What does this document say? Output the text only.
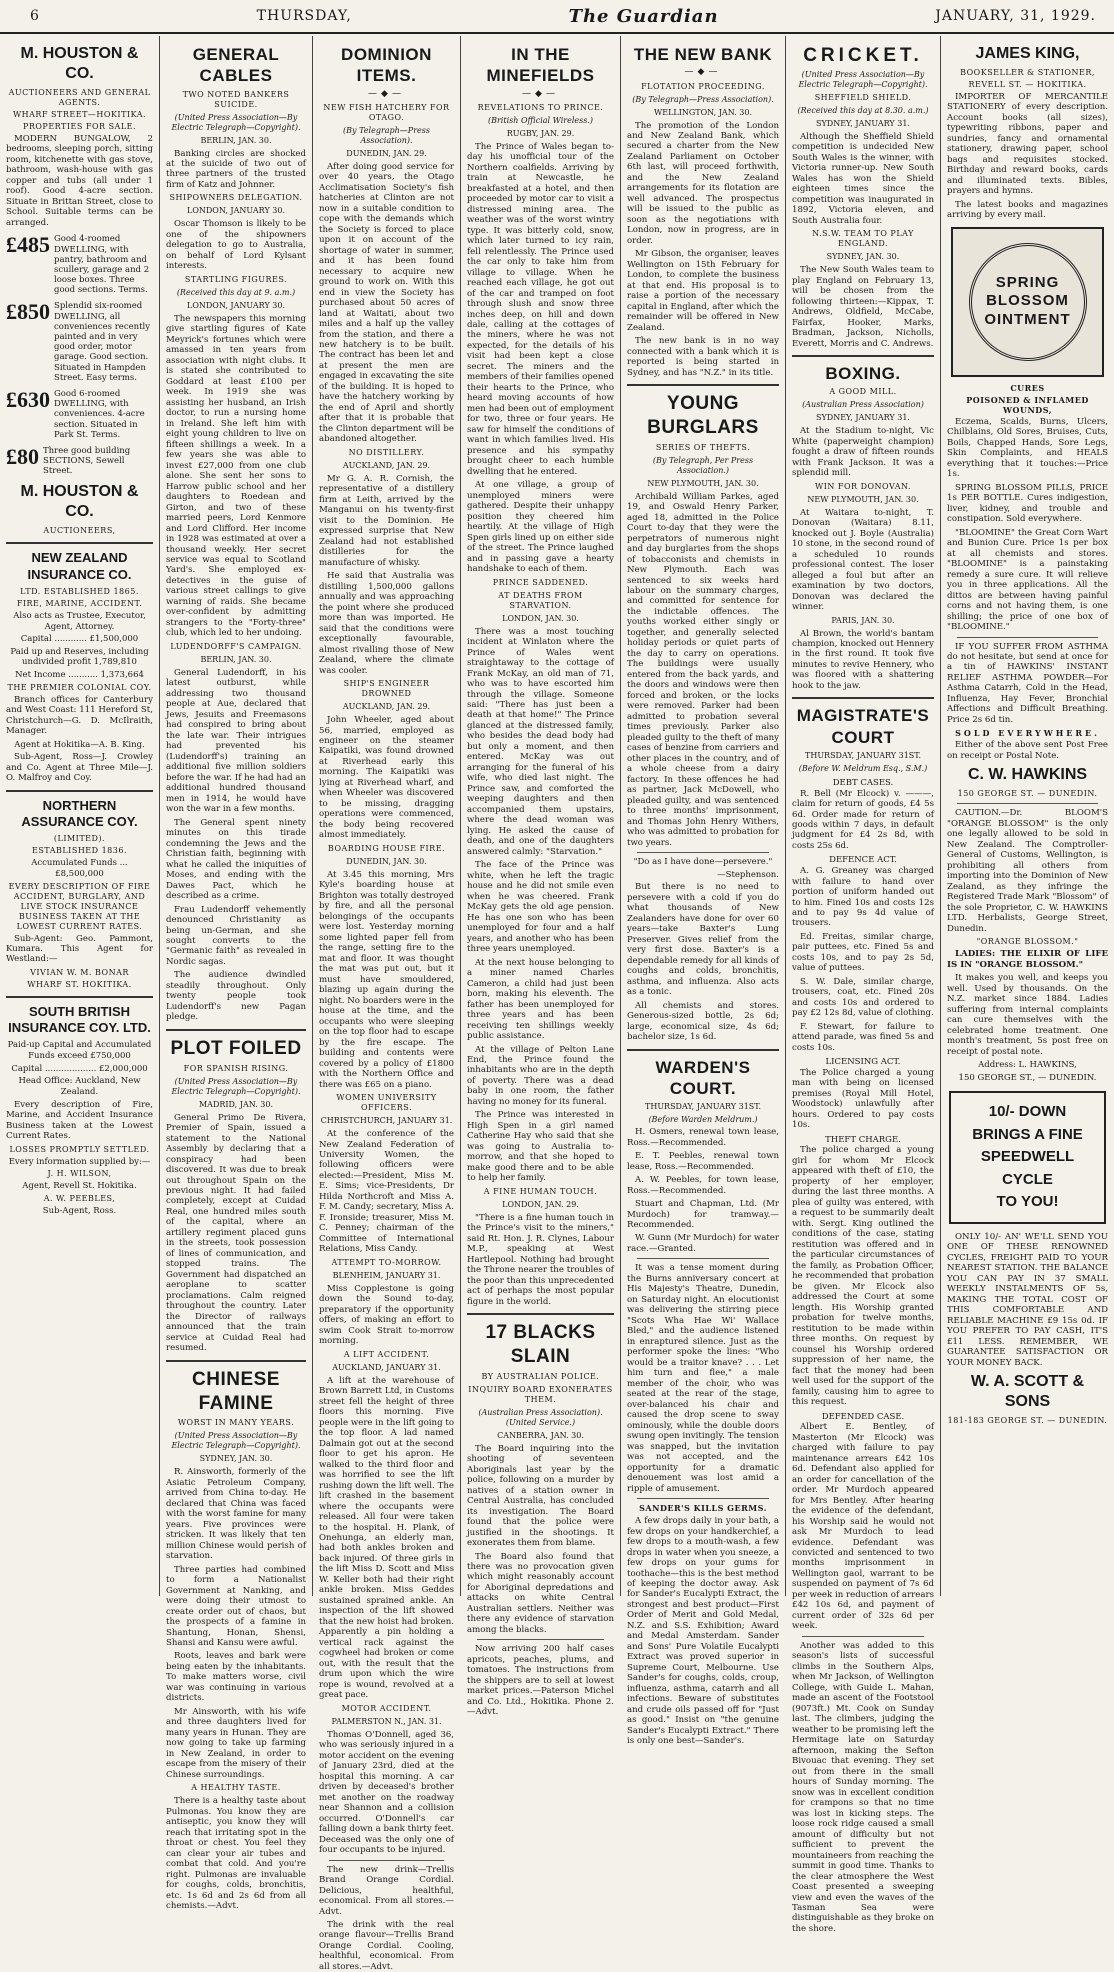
6	THURSDAY,	The Guardian	JANUARY, 31, 1929.
M. HOUSTON & CO.
AUCTIONEERS AND GENERAL AGENTS.
WHARF STREET—HOKITIKA.
PROPERTIES FOR SALE.

MODERN BUNGALOW, 2 bedrooms, sleeping porch, sitting room, kitchenette with gas stove, bathroom, wash-house with gas copper and tubs (all under 1 roof). Good 4-acre section. Situate in Brittan Street, close to School. Suitable terms can be arranged.

£485 Good 4-roomed DWELLING, with pantry, bathroom and scullery, garage and 2 loose boxes. Three good sections. Terms.
£850 Splendid six-roomed DWELLING, all conveniences recently painted and in very good order, motor garage. Good section. Situated in Hampden Street. Easy terms.
£630 Good 6-roomed DWELLING, with conveniences. 4-acre section. Situated in Park St. Terms.
£80 Three good building SECTIONS, Sewell Street.
M. HOUSTON & CO.
AUCTIONEERS,
NEW ZEALAND INSURANCE CO.
LTD. ESTABLISHED 1865.
FIRE, MARINE, ACCIDENT.
Also acts as Trustee, Executor, Agent, Attorney.
Capital ............ £1,500,000
Paid up and Reserves, including undivided profit 1,789,810
Net Income ........... 1,373,664
THE PREMIER COLONIAL COY.

Branch offices for Canterbury and West Coast: 111 Hereford St, Christchurch—G. D. McIlraith, Manager.

Agent at Hokitika—A. B. King.

Sub-Agent, Ross—J. Crowley and Co. Agent at Three Mile—J. O. Malfroy and Coy.

NORTHERN ASSURANCE COY.
(LIMITED).
ESTABLISHED 1836.
Accumulated Funds ... £8,500,000
EVERY DESCRIPTION OF FIRE ACCIDENT, BURGLARY, AND LIVE STOCK INSURANCE BUSINESS TAKEN AT THE LOWEST CURRENT RATES.

Sub-Agent: Geo. Pammont, Kumara. This Agent for Westland:—

VIVIAN W. M. BONAR
WHARF ST. HOKITIKA.
SOUTH BRITISH INSURANCE COY. LTD.
Paid-up Capital and Accumulated Funds exceed £750,000
Capital ................... £2,000,000
Head Office: Auckland, New Zealand.

Every description of Fire, Marine, and Accident Insurance Business taken at the Lowest Current Rates.

LOSSES PROMPTLY SETTLED.
Every information supplied by:—
J. H. WILSON,
Agent, Revell St. Hokitika.
A. W. PEEBLES,
Sub-Agent, Ross.
GENERAL CABLES
TWO NOTED BANKERS SUICIDE.
(United Press Association—By Electric Telegraph—Copyright).
BERLIN, JAN. 30.

Banking circles are shocked at the suicide of two out of three partners of the trusted firm of Katz and Johnner.

SHIPOWNERS DELEGATION.
LONDON, JANUARY 30.

Oscar Thomson is likely to be one of the shipowners delegation to go to Australia, on behalf of Lord Kylsant interests.

STARTLING FIGURES.
(Received this day at 9. a.m.)
LONDON, JANUARY 30.

The newspapers this morning give startling figures of Kate Meyrick's fortunes which were amassed in ten years from association with night clubs. It is stated she contributed to Goddard at least £100 per week. In 1919 she was assisting her husband, an Irish doctor, to run a nursing home in Ireland. She left him with eight young children to live on fifteen shillings a week. In a few years she was able to invest £27,000 from one club alone. She sent her sons to Harrow public school and her daughters to Roedean and Girton, and two of these married peers, Lord Kenmore and Lord Clifford. Her income in 1928 was estimated at over a thousand weekly. Her secret service was equal to Scotland Yard's. She employed ex-detectives in the guise of various street callings to give warning of raids. She became over-confident by admitting strangers to the "Forty-three" club, which led to her undoing.

LUDENDORFF'S CAMPAIGN.
BERLIN, JAN. 30.

General Ludendorff, in his latest outburst, while addressing two thousand people at Aue, declared that Jews, Jesuits and Freemasons had conspired to bring about the late war. Their intrigues had prevented his (Ludendorff's) training an additional five million soldiers before the war. If he had had an additional hundred thousand men in 1914, he would have won the war in a few months.

The General spent ninety minutes on this tirade condemning the Jews and the Christian faith, beginning with what he called the iniquities of Moses, and ending with the Dawes Pact, which he described as a crime.

Frau Ludendorff vehemently denounced Christianity as being un-German, and she sought converts to the "Germanic faith" as revealed in Nordic sagas.

The audience dwindled steadily throughout. Only twenty people took Ludendorff's new Pagan pledge.

PLOT FOILED
FOR SPANISH RISING.
(United Press Association—By Electric Telegraph—Copyright).
MADRID, JAN. 30.

General Primo De Rivera, Premier of Spain, issued a statement to the National Assembly by declaring that a conspiracy had been discovered. It was due to break out throughout Spain on the previous night. It had failed completely, except at Cuidad Real, one hundred miles south of the capital, where an artillery regiment placed guns in the streets, took possession of lines of communication, and stopped trains. The Government had dispatched an aeroplane to scatter proclamations. Calm reigned throughout the country. Later the Director of railways announced that the train service at Cuidad Real had resumed.

CHINESE FAMINE
WORST IN MANY YEARS.
(United Press Association—By Electric Telegraph—Copyright).
SYDNEY, JAN. 30.

R. Ainsworth, formerly of the Asiatic Petroleum Company, arrived from China to-day. He declared that China was faced with the worst famine for many years. Five provinces were stricken. It was likely that ten million Chinese would perish of starvation.

Three parties had combined to form a Nationalist Government at Nanking, and were doing their utmost to create order out of chaos, but the prospects of a famine in Shantung, Honan, Shensi, Shansi and Kansu were awful.

Roots, leaves and bark were being eaten by the inhabitants. To make matters worse, civil war was continuing in various districts.

Mr Ainsworth, with his wife and three daughters lived for many years in Hunan. They are now going to take up farming in New Zealand, in order to escape from the misery of their Chinese surroundings.

A HEALTHY TASTE.

There is a healthy taste about Pulmonas. You know they are antiseptic, you know they will reach that irritating spot in the throat or chest. You feel they can clear your air tubes and combat that cold. And you're right. Pulmonas are invaluable for coughs, colds, bronchitis, etc. 1s 6d and 2s 6d from all chemists.—Advt.

DOMINION ITEMS.
—◆—
NEW FISH HATCHERY FOR OTAGO.
(By Telegraph—Press Association).
DUNEDIN, JAN. 29.

After doing good service for over 40 years, the Otago Acclimatisation Society's fish hatcheries at Clinton are not now in a suitable condition to cope with the demands which the Society is forced to place upon it on account of the shortage of water in summer, and it has been found necessary to acquire new ground to work on. With this end in view the Society has purchased about 50 acres of land at Waitati, about two miles and a half up the valley from the station, and there a new hatchery is to be built. The contract has been let and at present the men are engaged in excavating the site of the building. It is hoped to have the hatchery working by the end of April and shortly after that it is probable that the Clinton department will be abandoned altogether.

NO DISTILLERY.
AUCKLAND, JAN. 29.

Mr G. A. R. Cornish, the representative of a distillery firm at Leith, arrived by the Manganui on his twenty-first visit to the Dominion. He expressed surprise that New Zealand had not established distilleries for the manufacture of whisky.

He said that Australia was distilling 1,500,000 gallons annually and was approaching the point where she produced more than was imported. He said that the conditions were exceptionally favourable, almost rivalling those of New Zealand, where the climate was cooler.

SHIP'S ENGINEER DROWNED
AUCKLAND, JAN. 29.

John Wheeler, aged about 56, married, employed as engineer on the steamer Kaipatiki, was found drowned at Riverhead early this morning. The Kaipatiki was lying at Riverhead wharf, and when Wheeler was discovered to be missing, dragging operations were commenced, the body being recovered almost immediately.

BOARDING HOUSE FIRE.
DUNEDIN, JAN. 30.

At 3.45 this morning, Mrs Kyle's boarding house at Brighton was totally destroyed by fire, and all the personal belongings of the occupants were lost. Yesterday morning some lighted paper fell from the range, setting fire to the mat and floor. It was thought the mat was put out, but it must have smouldered, blazing up again during the night. No boarders were in the house at the time, and the occupants who were sleeping on the top floor had to escape by the fire escape. The building and contents were covered by a policy of £1800 with the Northern Office and there was £65 on a piano.

WOMEN UNIVERSITY OFFICERS.
CHRISTCHURCH, JANUARY 31.

At the conference of the New Zealand Federation of University Women, the following officers were elected:—President, Miss M. E. Sims; vice-Presidents, Dr Hilda Northcroft and Miss A. F. M. Candy; secretary, Miss A. F. Ironside; treasurer, Miss M. C. Penney; chairman of the Committee of International Relations, Miss Candy.

ATTEMPT TO-MORROW.
BLENHEIM, JANUARY 31.

Miss Copplestone is going down the Sound to-day, preparatory if the opportunity offers, of making an effort to swim Cook Strait to-morrow morning.

A LIFT ACCIDENT.
AUCKLAND, JANUARY 31.

A lift at the warehouse of Brown Barrett Ltd, in Customs street fell the height of three floors this morning. Five people were in the lift going to the top floor. A lad named Dalmain got out at the second floor to get his apron. He walked to the third floor and was horrified to see the lift rushing down the lift well. The lift crashed in the basement where the occupants were released. All four were taken to the hospital. H. Plank, of Onehunga, an elderly man, had both ankles broken and back injured. Of three girls in the lift Miss D. Scott and Miss W. Keller both had their right ankle broken. Miss Geddes sustained sprained ankle. An inspection of the lift showed that the new hoist had broken. Apparently a pin holding a vertical rack against the cogwheel had broken or come out, with the result that the drum upon which the wire rope is wound, revolved at a great pace.

MOTOR ACCIDENT.
PALMERSTON N., JAN. 31.

Thomas O'Donnell, aged 36, who was seriously injured in a motor accident on the evening of January 23rd, died at the hospital this morning. A car driven by deceased's brother met another on the roadway near Shannon and a collision occurred. O'Donnell's car falling down a bank thirty feet. Deceased was the only one of four occupants to be injured.

The new drink—Trellis Brand Orange Cordial. Delicious, healthful, economical. From all stores.—Advt.

The drink with the real orange flavour—Trellis Brand Orange Cordial. Cooling, healthful, economical. From all stores.—Advt.

IN THE MINEFIELDS
—◆—
REVELATIONS TO PRINCE.
(British Official Wireless.)
RUGBY, JAN. 29.

The Prince of Wales began to-day his unofficial tour of the Northern coalfields. Arriving by train at Newcastle, he breakfasted at a hotel, and then proceeded by motor car to visit a distressed mining area. The weather was of the worst wintry type. It was bitterly cold, snow, which later turned to icy rain, fell relentlessly. The Prince used the car only to take him from village to village. When he reached each village, he got out of the car and tramped on foot through slush and snow three inches deep, on hill and down dale, calling at the cottages of the miners, where he was not expected, for the details of his visit had been kept a close secret. The miners and the members of their families opened their hearts to the Prince, who heard moving accounts of how men had been out of employment for two, three or four years. He saw for himself the conditions of want in which families lived. His presence and his sympathy brought cheer to each humble dwelling that he entered.

At one village, a group of unemployed miners were gathered. Despite their unhappy position they cheered him heartily. At the village of High Spen girls lined up on either side of the street. The Prince laughed and in passing gave a hearty handshake to each of them.

PRINCE SADDENED.
AT DEATHS FROM STARVATION.
LONDON, JAN. 30.

There was a most touching incident at Winlaton where the Prince of Wales went straightaway to the cottage of Frank McKay, an old man of 71, who was to have escorted him through the village. Someone said: "There has just been a death at that home!" The Prince glanced at the distressed family, who besides the dead body had but only a moment, and then entered. McKay was out arranging for the funeral of his wife, who died last night. The Prince saw, and comforted the weeping daughters and then accompanied them upstairs, where the dead woman was lying. He asked the cause of death, and one of the daughters answered calmly: "Starvation."

The face of the Prince was white, when he left the tragic house and he did not smile even when he was cheered. Frank McKay gets the old age pension. He has one son who has been unemployed for four and a half years, and another who has been three years unemployed.

At the next house belonging to a miner named Charles Cameron, a child had just been born, making his eleventh. The father has been unemployed for three years and has been receiving ten shillings weekly public assistance.

At the village of Pelton Lane End, the Prince found the inhabitants who are in the depth of poverty. There was a dead baby in one room, the father having no money for its funeral.

The Prince was interested in High Spen in a girl named Catherine Hay who said that she was going to Australia to-morrow, and that she hoped to make good there and to be able to help her family.

A FINE HUMAN TOUCH.
LONDON, JAN. 29.

"There is a fine human touch in the Prince's visit to the miners," said Rt. Hon. J. R. Clynes, Labour M.P., speaking at West Hartlepool. Nothing had brought the Throne nearer the troubles of the poor than this unprecedented act of perhaps the most popular figure in the world.

17 BLACKS SLAIN
BY AUSTRALIAN POLICE.
INQUIRY BOARD EXONERATES THEM.
(Australian Press Association). (United Service.)
CANBERRA, JAN. 30.

The Board inquiring into the shooting of seventeen Aboriginals last year by the police, following on a murder by natives of a station owner in Central Australia, has concluded its investigation. The Board found that the police were justified in the shootings. It exonerates them from blame.

The Board also found that there was no provocation given which might reasonably account for Aboriginal depredations and attacks on white Central Australian settlers. Neither was there any evidence of starvation among the blacks.

Now arriving 200 half cases apricots, peaches, plums, and tomatoes. The instructions from the shippers are to sell at lowest market prices.—Paterson Michel and Co. Ltd., Hokitika. Phone 2.—Advt.

THE NEW BANK
—◆—
FLOTATION PROCEEDING.
(By Telegraph—Press Association).
WELLINGTON, JAN. 30.

The promotion of the London and New Zealand Bank, which secured a charter from the New Zealand Parliament on October 6th last, will proceed forthwith, and the New Zealand arrangements for its flotation are well advanced. The prospectus will be issued to the public as soon as the negotiations with London, now in progress, are in order.

Mr Gibson, the organiser, leaves Wellington on 15th February for London, to complete the business at that end. His proposal is to raise a portion of the necessary capital in England, after which the remainder will be offered in New Zealand.

The new bank is in no way connected with a bank which it is reported is being started in Sydney, and has "N.Z." in its title.

YOUNG BURGLARS
SERIES OF THEFTS.
(By Telegraph, Per Press Association.)
NEW PLYMOUTH, JAN. 30.

Archibald William Parkes, aged 19, and Oswald Henry Parker, aged 18, admitted in the Police Court to-day that they were the perpetrators of numerous night and day burglaries from the shops of tobacconists and chemists in New Plymouth. Each was sentenced to six weeks hard labour on the summary charges, and committed for sentence for the indictable offences. The youths worked either singly or together, and generally selected holiday periods or quiet parts of the day to carry on operations. The buildings were usually entered from the back yards, and the doors and windows were then forced and broken, or the locks were removed. Parker had been admitted to probation several times previously. Parker also pleaded guilty to the theft of many cases of benzine from carriers and other places in the country, and of a whole cheese from a dairy factory. In these offences he had as partner, Jack McDowell, who pleaded guilty, and was sentenced to three months' imprisonment, and Thomas John Henry Withers, who was admitted to probation for two years.

"Do as I have done—persevere."
—Stephenson.

But there is no need to persevere with a cold if you do what thousands of New Zealanders have done for over 60 years—take Baxter's Lung Preserver. Gives relief from the very first dose. Baxter's is a dependable remedy for all kinds of coughs and colds, bronchitis, asthma, and influenza. Also acts as a tonic.

All chemists and stores. Generous-sized bottle, 2s 6d; large, economical size, 4s 6d; bachelor size, 1s 6d.

WARDEN'S COURT.
THURSDAY, JANUARY 31ST.
(Before Warden Meldrum.)

H. Osmers, renewal town lease, Ross.—Recommended.

E. T. Peebles, renewal town lease, Ross.—Recommended.

A. W. Peebles, for town lease, Ross.—Recommended.

Stuart and Chapman, Ltd. (Mr Murdoch) for tramway.—Recommended.

W. Gunn (Mr Murdoch) for water race.—Granted.

It was a tense moment during the Burns anniversary concert at His Majesty's Theatre, Dunedin, on Saturday night. An elocutionist was delivering the stirring piece "Scots Wha Hae Wi' Wallace Bled," and the audience listened in enraptured silence. Just as the performer spoke the lines: "Who would be a traitor knave? . . . Let him turn and flee," a male member of the choir, who was seated at the rear of the stage, over-balanced his chair and caused the drop scene to sway ominously, while the double doors swung open invitingly. The tension was snapped, but the invitation was not accepted, and the opportunity for a dramatic denouement was lost amid a ripple of amusement.

SANDER'S KILLS GERMS.

A few drops daily in your bath, a few drops on your handkerchief, a few drops to a mouth-wash, a few drops in water when you sneeze, a few drops on your gums for toothache—this is the best method of keeping the doctor away. Ask for Sander's Eucalypti Extract, the strongest and best product—First Order of Merit and Gold Medal, N.Z. and S.S. Exhibition; Award and Medal Amsterdam. Sander and Sons' Pure Volatile Eucalypti Extract was proved superior in Supreme Court, Melbourne. Use Sander's for coughs, colds, croup, influenza, asthma, catarrh and all infections. Beware of substitutes and crude oils passed off for "Just as good." Insist on "the genuine Sander's Eucalypti Extract." There is only one best—Sander's.

CRICKET.
(United Press Association—By Electric Telegraph—Copyright).
SHEFFIELD SHIELD.
(Received this day at 8.30. a.m.)
SYDNEY, JANUARY 31.

Although the Sheffield Shield competition is undecided New South Wales is the winner, with Victoria runner-up. New South Wales has won the Shield eighteen times since the competition was inaugurated in 1892, Victoria eleven, and South Australia four.

N.S.W. TEAM TO PLAY ENGLAND.
SYDNEY, JAN. 30.

The New South Wales team to play England on February 13, will be chosen from the following thirteen:—Kippax, T. Andrews, Oldfield, McCabe, Fairfax, Hooker, Marks, Bradman, Jackson, Nicholls, Everett, Morris and C. Andrews.

BOXING.
A GOOD MILL.
(Australian Press Association)
SYDNEY, JANUARY 31.

At the Stadium to-night, Vic White (paperweight champion) fought a draw of fifteen rounds with Frank Jackson. It was a splendid mill.

WIN FOR DONOVAN.
NEW PLYMOUTH, JAN. 30.

At Waitara to-night, T. Donovan (Waitara) 8.11, knocked out J. Boyle (Australia) 10 stone, in the second round of a scheduled 10 rounds professional contest. The loser alleged a foul but after an examination by two doctors, Donovan was declared the winner.

PARIS, JAN. 30.

Al Brown, the world's bantam champion, knocked out Hennery in the first round. It took five minutes to revive Hennery, who was floored with a shattering hook to the jaw.

MAGISTRATE'S COURT
THURSDAY, JANUARY 31ST.
(Before W. Meldrum Esq., S.M.)
DEBT CASES.

R. Bell (Mr Elcock) v. ———, claim for return of goods, £4 5s 6d. Order made for return of goods within 7 days, in default judgment for £4 2s 8d, with costs 25s 6d.

DEFENCE ACT.

A. G. Greaney was charged with failure to hand over portion of uniform handed out to him. Fined 10s and costs 12s and to pay 9s 4d value of trousers.

Ed. Freitas, similar charge, pair puttees, etc. Fined 5s and costs 10s, and to pay 2s 5d, value of puttees.

S. W. Dale, similar charge, trousers, coat, etc. Fined 20s and costs 10s and ordered to pay £2 12s 8d, value of clothing.

F. Stewart, for failure to attend parade, was fined 5s and costs 10s.

LICENSING ACT.

The Police charged a young man with being on licensed premises (Royal Mill Hotel, Woodstock) unlawfully after hours. Ordered to pay costs 10s.

THEFT CHARGE.

The police charged a young girl for whom Mr Elcock appeared with theft of £10, the property of her employer, during the last three months. A plea of guilty was entered, with a request to be summarily dealt with. Sergt. King outlined the conditions of the case, stating restitution was offered and in the particular circumstances of the family, as Probation Officer, he recommended that probation be given. Mr Elcock also addressed the Court at some length. His Worship granted probation for twelve months, restitution to be made within three months. On request by counsel his Worship ordered suppression of her name, the fact that the money had been well used for the support of the family, causing him to agree to this request.

DEFENDED CASE.

Albert E. Bentley, of Masterton (Mr Elcock) was charged with failure to pay maintenance arrears £42 10s 6d. Defendant also applied for an order for cancellation of the order. Mr Murdoch appeared for Mrs Bentley. After hearing the evidence of the defendant, his Worship said he would not ask Mr Murdoch to lead evidence. Defendant was convicted and sentenced to two months imprisonment in Wellington gaol, warrant to be suspended on payment of 7s 6d per week in reduction of arrears £42 10s 6d, and payment of current order of 32s 6d per week.

Another was added to this season's lists of successful climbs in the Southern Alps, when Mr Jackson, of Wellington College, with Guide L. Mahan, made an ascent of the Footstool (9073ft.) Mt. Cook on Sunday last. The climbers, judging the weather to be promising left the Hermitage late on Saturday afternoon, making the Sefton Bivouac that evening. They set out from there in the small hours of Sunday morning. The snow was in excellent condition for crampons so that no time was lost in kicking steps. The loose rock ridge caused a small amount of difficulty but not sufficient to prevent the mountaineers from reaching the summit in good time. Thanks to the clear atmosphere the West Coast presented a sweeping view and even the waves of the Tasman Sea were distinguishable as they broke on the shore.

JAMES KING,
BOOKSELLER & STATIONER,
REVELL ST. — HOKITIKA.

IMPORTER OF MERCANTILE STATIONERY of every description. Account books (all sizes), typewriting ribbons, paper and sundries, fancy and ornamental stationery, drawing paper, school bags and requisites stocked. Birthday and reward books, cards and illuminated texts. Bibles, prayers and hymns.

The latest books and magazines arriving by every mail.

SPRING
BLOSSOM
OINTMENT
CURES
POISONED & INFLAMED WOUNDS,

Eczema, Scalds, Burns, Ulcers, Chilblains, Old Sores, Bruises, Cuts, Boils, Chapped Hands, Sore Legs, Skin Complaints, and HEALS everything that it touches:—Price 1s.

SPRING BLOSSOM PILLS, PRICE 1s PER BOTTLE. Cures indigestion, liver, kidney, and trouble and constipation. Sold everywhere.

"BLOOMINE" the Great Corn Wart and Bunion Cure. Price 1s per box at all chemists and stores. "BLOOMINE" is a painstaking remedy a sure cure. It will relieve you in three applications. All the dittos are between having painful corns and not having them, is one shilling; the price of one box of "BLOOMINE."

IF YOU SUFFER FROM ASTHMA do not hesitate, but send at once for a tin of HAWKINS' INSTANT RELIEF ASTHMA POWDER—For Asthma Catarrh, Cold in the Head, Influenza, Hay Fever, Bronchial Affections and Difficult Breathing. Price 2s 6d tin.

SOLD EVERYWHERE.

Either of the above sent Post Free on receipt or Postal Note.

C. W. HAWKINS
150 GEORGE ST. — DUNEDIN.

CAUTION.—Dr. BLOOM'S "ORANGE BLOSSOM" is the only one legally allowed to be sold in New Zealand. The Comptroller-General of Customs, Wellington, is prohibiting all others from importing into the Dominion of New Zealand, as they infringe the Registered Trade Mark "Blossom" of the sole Proprietor, C. W. HAWKINS LTD. Herbalists, George Street, Dunedin.

"ORANGE BLOSSOM."

LADIES: THE ELIXIR OF LIFE IS IN "ORANGE BLOSSOM."

It makes you well, and keeps you well. Used by thousands. On the N.Z. market since 1884. Ladies suffering from internal complaints can cure themselves with the celebrated home treatment. One month's treatment, 5s post free on receipt of postal note.

Address: L. HAWKINS,
150 GEORGE ST., — DUNEDIN.
10/- DOWN
BRINGS A FINE
SPEEDWELL CYCLE
TO YOU!

ONLY 10/- AN' WE'LL SEND YOU ONE OF THESE RENOWNED CYCLES, FREIGHT PAID TO YOUR NEAREST STATION. THE BALANCE YOU CAN PAY IN 37 SMALL WEEKLY INSTALMENTS OF 5s, MAKING THE TOTAL COST OF THIS COMFORTABLE AND RELIABLE MACHINE £9 15s 0d. IF YOU PREFER TO PAY CASH, IT'S £11 LESS. REMEMBER, WE GUARANTEE SATISFACTION OR YOUR MONEY BACK.

W. A. SCOTT & SONS
181-183 GEORGE ST. — DUNEDIN.
